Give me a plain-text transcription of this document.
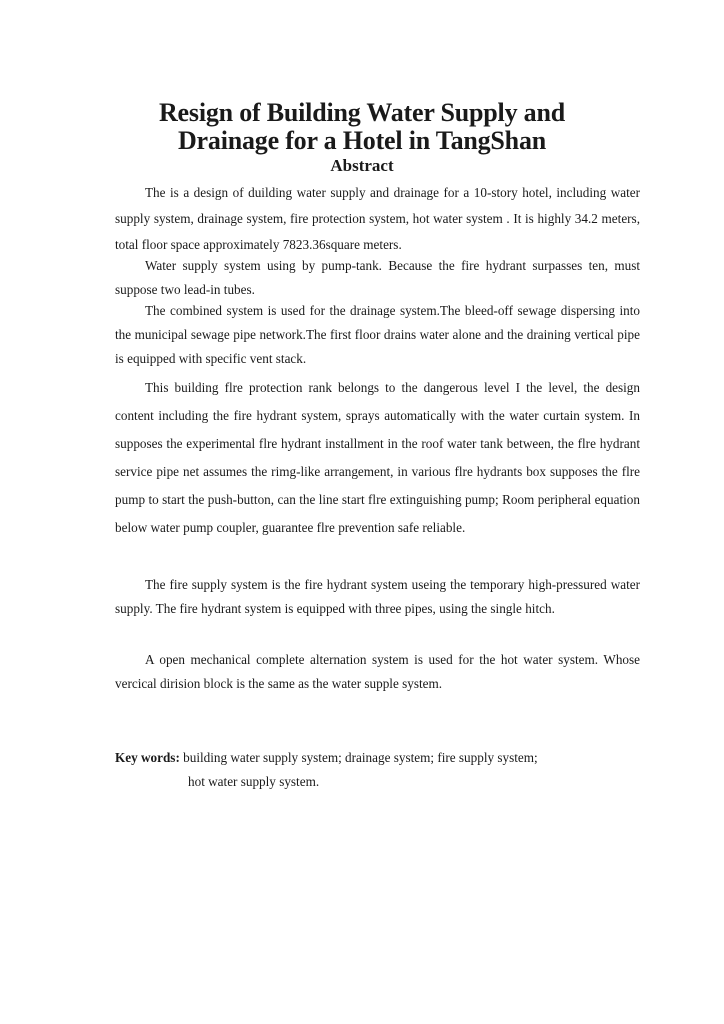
Resign of Building Water Supply and
Drainage for a Hotel in TangShan
Abstract

The is a design of duilding water supply and drainage for a 10-story hotel, including water supply system, drainage system, fire protection system, hot water system . It is highly 34.2 meters, total floor space approximately 7823.36square meters.

Water supply system using by pump-tank. Because the fire hydrant surpasses ten, must suppose two lead-in tubes.

The combined system is used for the drainage system.The bleed-off sewage dispersing into the municipal sewage pipe network.The first floor drains water alone and the draining vertical pipe is equipped with specific vent stack.

This building flre protection rank belongs to the dangerous level I the level, the design content including the fire hydrant system, sprays automatically with the water curtain system. In supposes the experimental flre hydrant installment in the roof water tank between, the flre hydrant service pipe net assumes the rimg-like arrangement, in various flre hydrants box supposes the flre pump to start the push-button, can the line start flre extinguishing pump; Room peripheral equation below water pump coupler, guarantee flre prevention safe reliable.

The fire supply system is the fire hydrant system useing the temporary high-pressured water supply. The fire hydrant system is equipped with three pipes, using the single hitch.

A open mechanical complete alternation system is used for the hot water system. Whose vercical dirision block is the same as the water supple system.

Key words: building water supply system; drainage system; fire supply system;
hot water supply system.
